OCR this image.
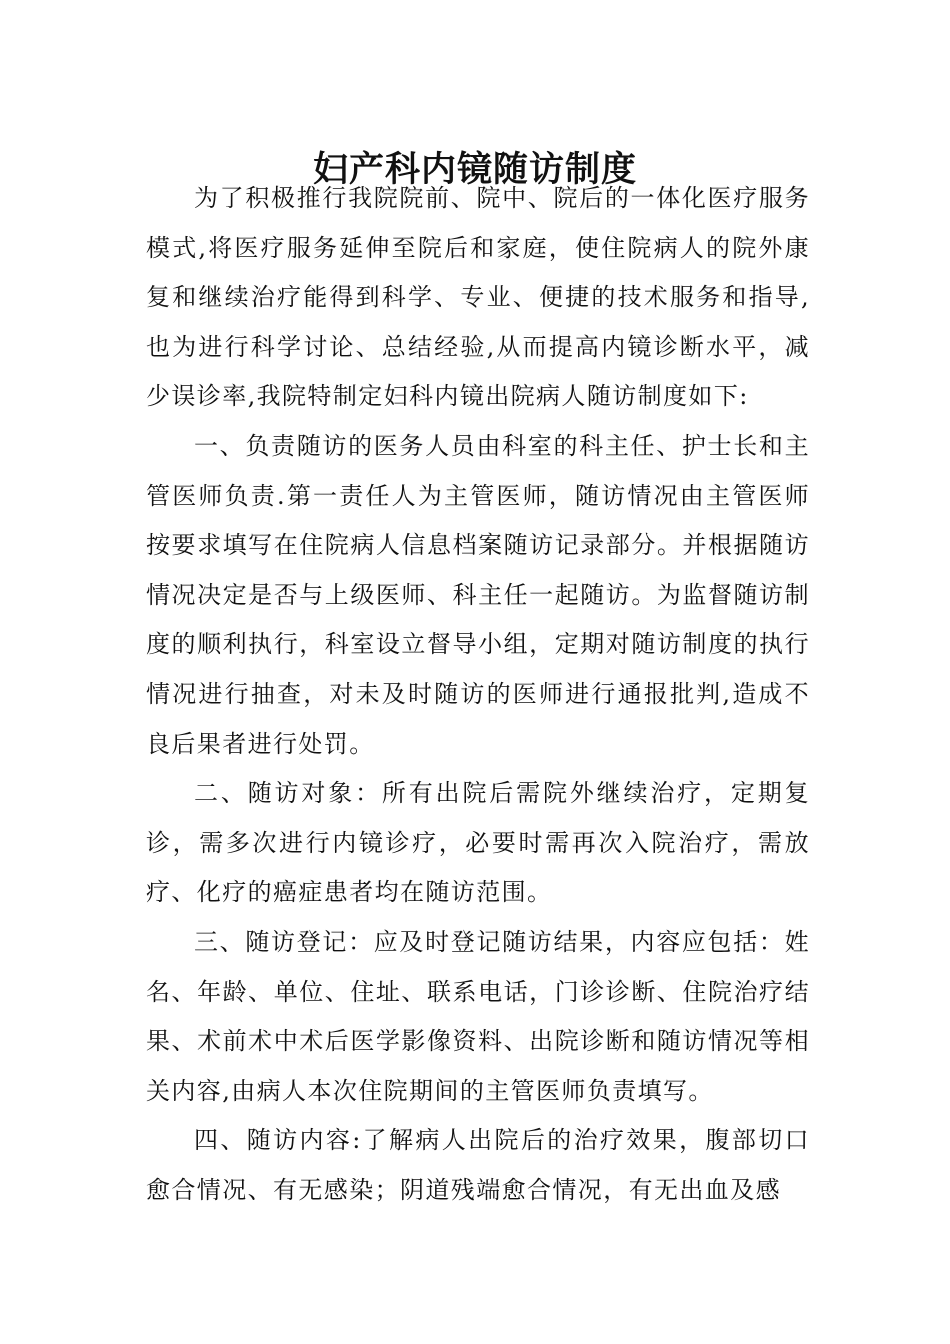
妇产科内镜随访制度

为了积极推行我院院前、院中、院后的一体化医疗服务模式,将医疗服务延伸至院后和家庭，使住院病人的院外康复和继续治疗能得到科学、专业、便捷的技术服务和指导,也为进行科学讨论、总结经验,从而提高内镜诊断水平，减少误诊率,我院特制定妇科内镜出院病人随访制度如下:

一、负责随访的医务人员由科室的科主任、护士长和主管医师负责.第一责任人为主管医师，随访情况由主管医师按要求填写在住院病人信息档案随访记录部分。并根据随访情况决定是否与上级医师、科主任一起随访。为监督随访制度的顺利执行，科室设立督导小组，定期对随访制度的执行情况进行抽查，对未及时随访的医师进行通报批判,造成不良后果者进行处罚。

二、随访对象：所有出院后需院外继续治疗，定期复诊，需多次进行内镜诊疗，必要时需再次入院治疗，需放疗、化疗的癌症患者均在随访范围。

三、随访登记：应及时登记随访结果，内容应包括：姓名、年龄、单位、住址、联系电话，门诊诊断、住院治疗结果、术前术中术后医学影像资料、出院诊断和随访情况等相关内容,由病人本次住院期间的主管医师负责填写。

四、随访内容:了解病人出院后的治疗效果，腹部切口愈合情况、有无感染；阴道残端愈合情况，有无出血及感
